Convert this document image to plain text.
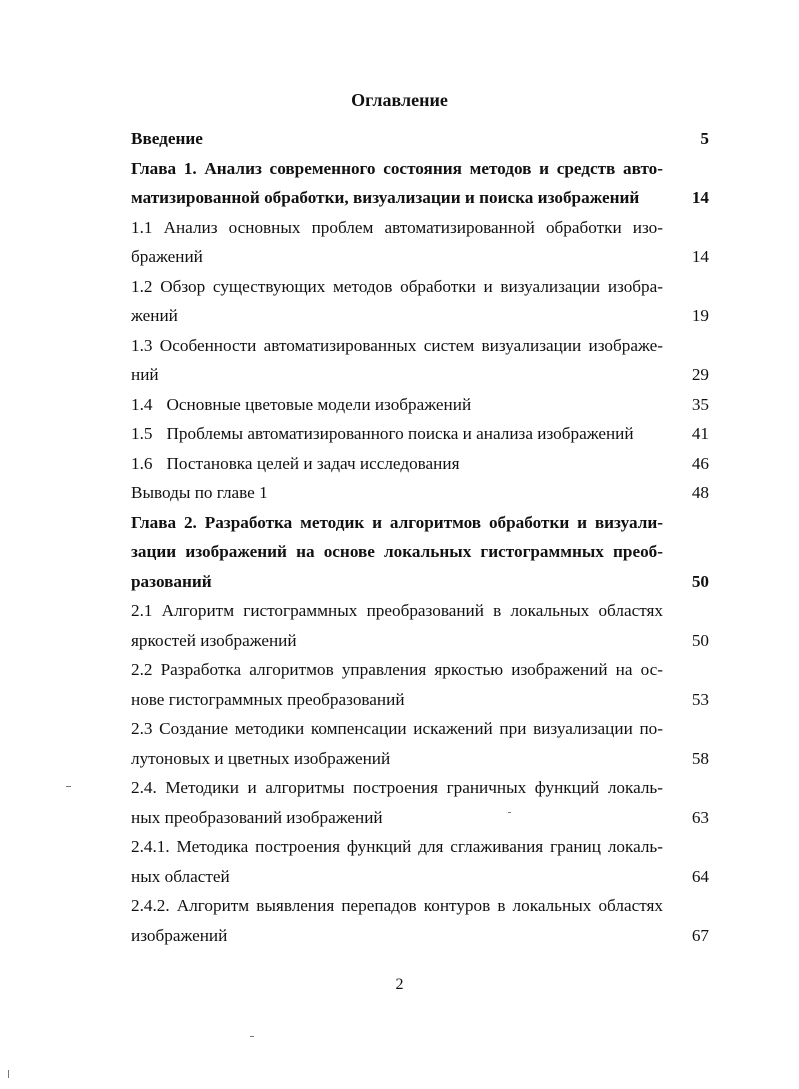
Оглавление
Введение	5
Глава 1. Анализ современного состояния методов и средств авто-
матизированной обработки, визуализации и поиска изображений	14
1.1 Анализ основных проблем автоматизированной обработки изо-
бражений	14
1.2 Обзор существующих методов обработки и визуализации изобра-
жений	19
1.3 Особенности автоматизированных систем визуализации изображе-
ний	29
1.4 Основные цветовые модели изображений	35
1.5 Проблемы автоматизированного поиска и анализа изображений	41
1.6 Постановка целей и задач исследования	46
Выводы по главе 1	48
Глава 2. Разработка методик и алгоритмов обработки и визуали-
зации изображений на основе локальных гистограммных преоб-
разований	50
2.1 Алгоритм гистограммных преобразований в локальных областях
яркостей изображений	50
2.2 Разработка алгоритмов управления яркостью изображений на ос-
нове гистограммных преобразований	53
2.3 Создание методики компенсации искажений при визуализации по-
лутоновых и цветных изображений	58
2.4. Методики и алгоритмы построения граничных функций локаль-
ных преобразований изображений	63
2.4.1. Методика построения функций для сглаживания границ локаль-
ных областей	64
2.4.2. Алгоритм выявления перепадов контуров в локальных областях
изображений	67
2
